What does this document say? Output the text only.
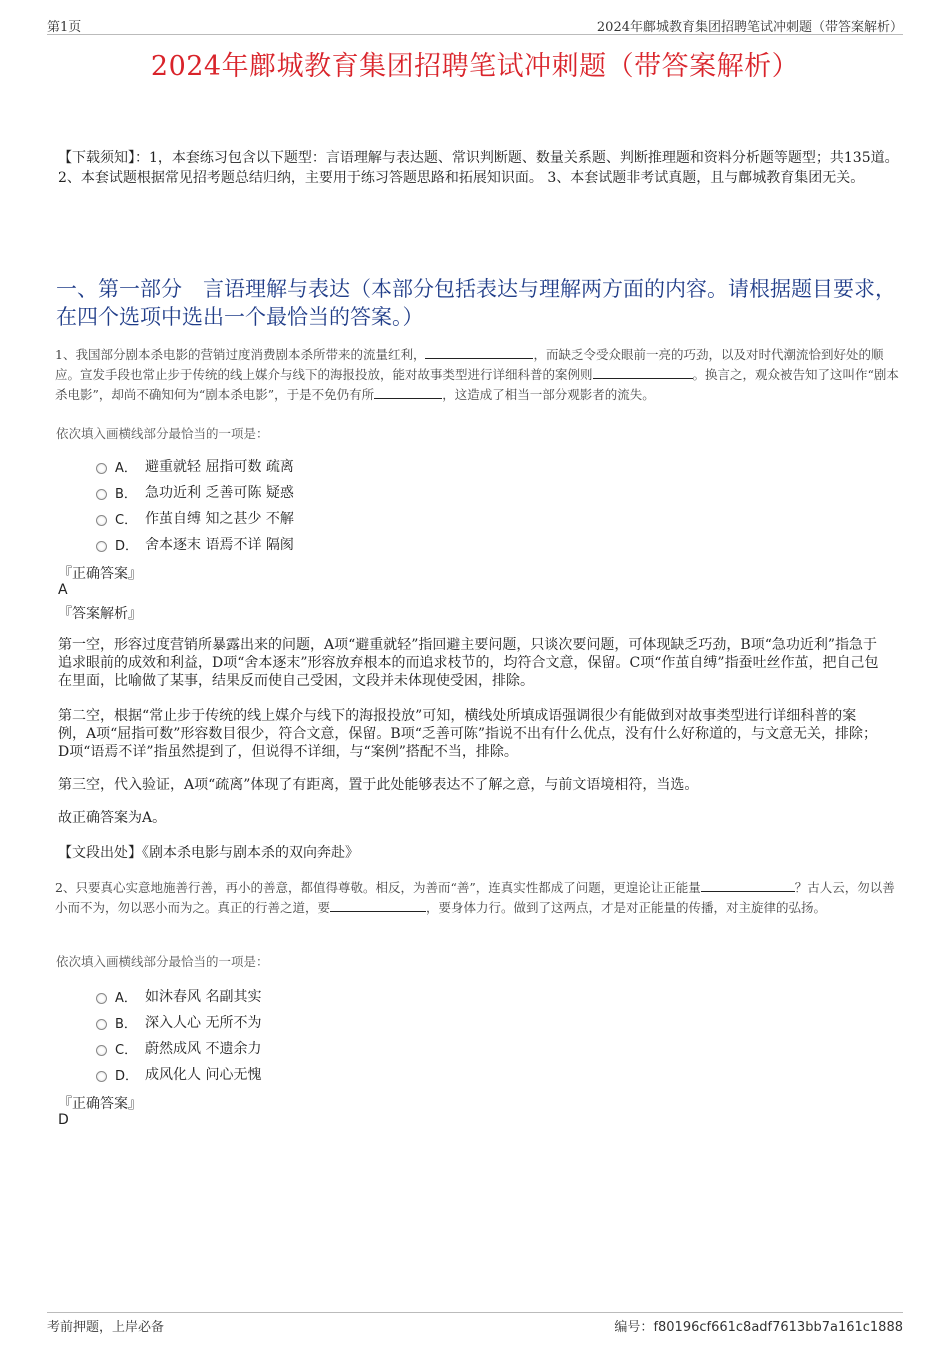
第1页	2024年鄜城教育集团招聘笔试冲刺题（带答案解析）
2024年鄜城教育集团招聘笔试冲刺题（带答案解析）
【下载须知】：1，本套练习包含以下题型：言语理解与表达题、常识判断题、数量关系题、判断推理题和资料分析题等题型；共135道。 2、本套试题根据常见招考题总结归纳，主要用于练习答题思路和拓展知识面。 3、本套试题非考试真题，且与鄜城教育集团无关。
一、第一部分　言语理解与表达（本部分包括表达与理解两方面的内容。请根据题目要求，在四个选项中选出一个最恰当的答案。）
1、我国部分剧本杀电影的营销过度消费剧本杀所带来的流量红利，	，而缺乏令受众眼前一亮的巧劲，以及对时代潮流恰到好处的顺应。宣发手段也常止步于传统的线上媒介与线下的海报投放，能对故事类型进行详细科普的案例则	。换言之，观众被告知了这叫作“剧本杀电影”，却尚不确知何为“剧本杀电影”，于是不免仍有所	，这造成了相当一部分观影者的流失。
依次填入画横线部分最恰当的一项是：
A． 避重就轻 屈指可数 疏离
B． 急功近利 乏善可陈 疑惑
C． 作茧自缚 知之甚少 不解
D． 舍本逐末 语焉不详 隔阂
『正确答案』
A
『答案解析』
第一空，形容过度营销所暴露出来的问题，A项“避重就轻”指回避主要问题，只谈次要问题，可体现缺乏巧劲，B项“急功近利”指急于追求眼前的成效和利益，D项“舍本逐末”形容放弃根本的而追求枝节的，均符合文意，保留。C项“作茧自缚”指蚕吐丝作茧，把自己包在里面，比喻做了某事，结果反而使自己受困，文段并未体现使受困，排除。
第二空，根据“常止步于传统的线上媒介与线下的海报投放”可知，横线处所填成语强调很少有能做到对故事类型进行详细科普的案例，A项“屈指可数”形容数目很少，符合文意，保留。B项“乏善可陈”指说不出有什么优点，没有什么好称道的，与文意无关，排除；D项“语焉不详”指虽然提到了，但说得不详细，与“案例”搭配不当，排除。
第三空，代入验证，A项“疏离”体现了有距离，置于此处能够表达不了解之意，与前文语境相符，当选。
故正确答案为A。
【文段出处】《剧本杀电影与剧本杀的双向奔赴》
2、只要真心实意地施善行善，再小的善意，都值得尊敬。相反，为善而“善”，连真实性都成了问题，更遑论让正能量	？古人云，勿以善小而不为，勿以恶小而为之。真正的行善之道，要	，要身体力行。做到了这两点，才是对正能量的传播，对主旋律的弘扬。
依次填入画横线部分最恰当的一项是：
A． 如沐春风 名副其实
B． 深入人心 无所不为
C． 蔚然成风 不遗余力
D． 成风化人 问心无愧
『正确答案』
D
考前押题，上岸必备	编号：f80196cf661c8adf7613bb7a161c1888
